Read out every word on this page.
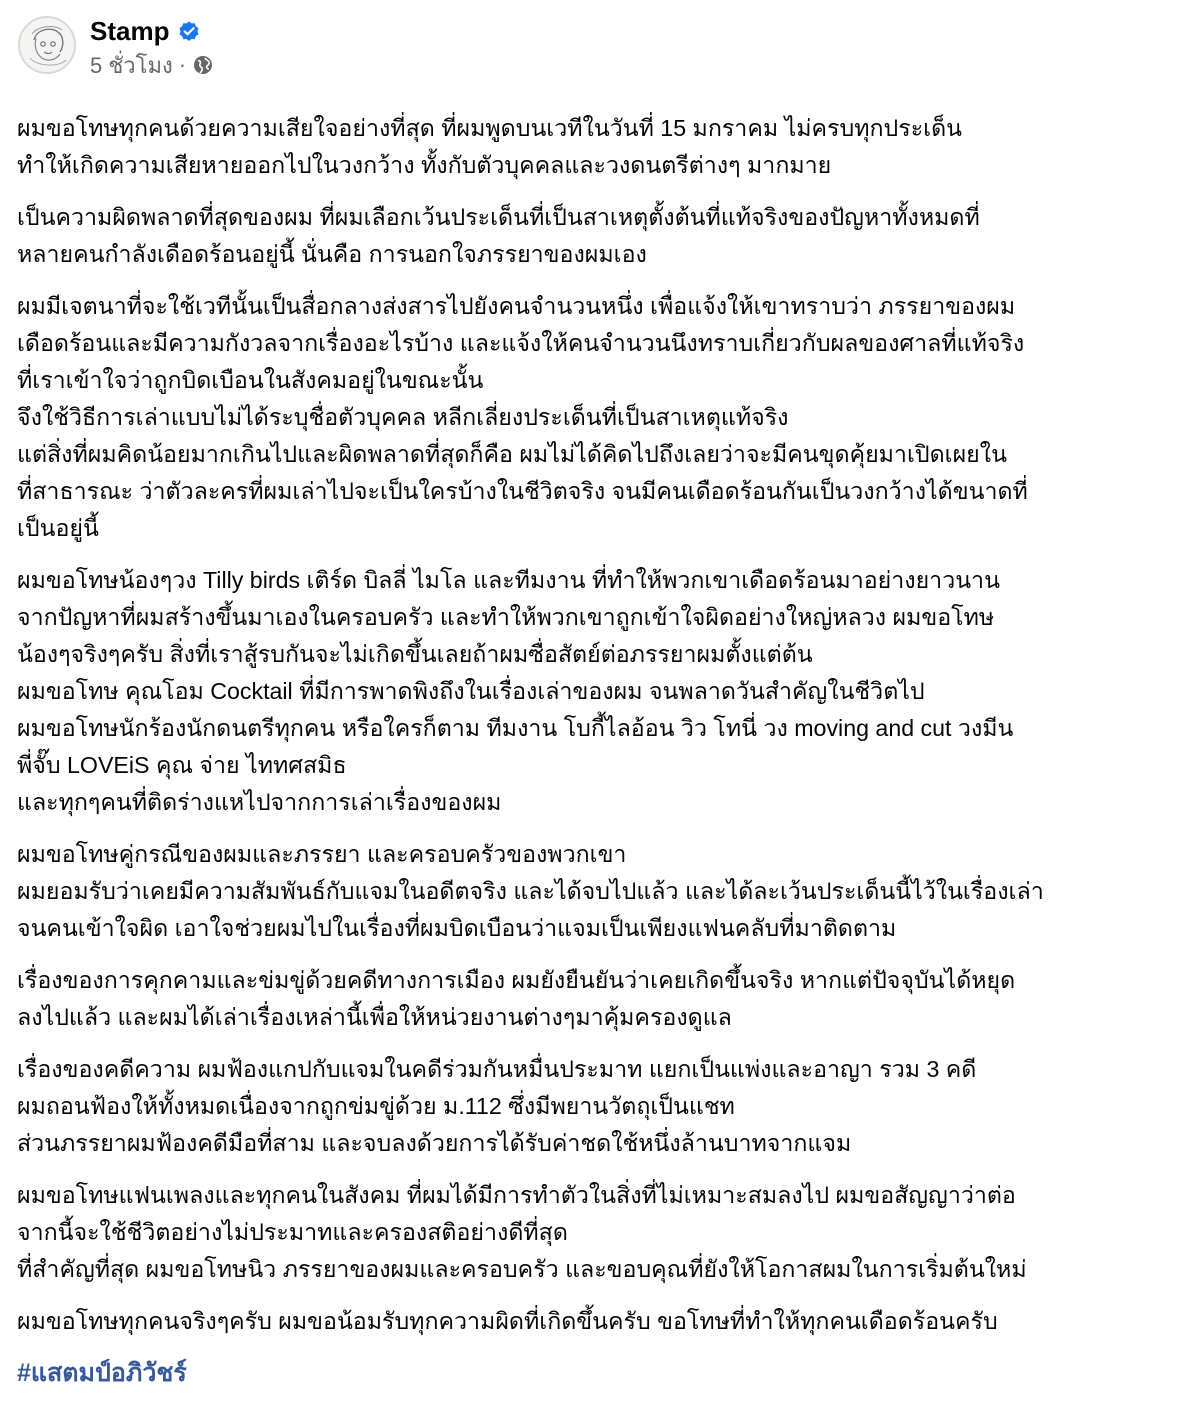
Stamp
5 ชั่วโมง ·
ผมขอโทษทุกคนด้วยความเสียใจอย่างที่สุด ที่ผมพูดบนเวทีในวันที่ 15 มกราคม ไม่ครบทุกประเด็น
ทำให้เกิดความเสียหายออกไปในวงกว้าง ทั้งกับตัวบุคคลและวงดนตรีต่างๆ มากมาย
เป็นความผิดพลาดที่สุดของผม ที่ผมเลือกเว้นประเด็นที่เป็นสาเหตุตั้งต้นที่แท้จริงของปัญหาทั้งหมดที่
หลายคนกำลังเดือดร้อนอยู่นี้ นั่นคือ การนอกใจภรรยาของผมเอง
ผมมีเจตนาที่จะใช้เวทีนั้นเป็นสื่อกลางส่งสารไปยังคนจำนวนหนึ่ง เพื่อแจ้งให้เขาทราบว่า ภรรยาของผม
เดือดร้อนและมีความกังวลจากเรื่องอะไรบ้าง และแจ้งให้คนจำนวนนึงทราบเกี่ยวกับผลของศาลที่แท้จริง
ที่เราเข้าใจว่าถูกบิดเบือนในสังคมอยู่ในขณะนั้น
จึงใช้วิธีการเล่าแบบไม่ได้ระบุชื่อตัวบุคคล หลีกเลี่ยงประเด็นที่เป็นสาเหตุแท้จริง
แต่สิ่งที่ผมคิดน้อยมากเกินไปและผิดพลาดที่สุดก็คือ ผมไม่ได้คิดไปถึงเลยว่าจะมีคนขุดคุ้ยมาเปิดเผยใน
ที่สาธารณะ ว่าตัวละครที่ผมเล่าไปจะเป็นใครบ้างในชีวิตจริง จนมีคนเดือดร้อนกันเป็นวงกว้างได้ขนาดที่
เป็นอยู่นี้
ผมขอโทษน้องๆวง Tilly birds เติร์ด บิลลี่ ไมโล และทีมงาน ที่ทำให้พวกเขาเดือดร้อนมาอย่างยาวนาน
จากปัญหาที่ผมสร้างขึ้นมาเองในครอบครัว และทำให้พวกเขาถูกเข้าใจผิดอย่างใหญ่หลวง ผมขอโทษ
น้องๆจริงๆครับ สิ่งที่เราสู้รบกันจะไม่เกิดขึ้นเลยถ้าผมซื่อสัตย์ต่อภรรยาผมตั้งแต่ต้น
ผมขอโทษ คุณโอม Cocktail ที่มีการพาดพิงถึงในเรื่องเล่าของผม จนพลาดวันสำคัญในชีวิตไป
ผมขอโทษนักร้องนักดนตรีทุกคน หรือใครก็ตาม ทีมงาน โบกี้ไลอ้อน วิว โทนี่ วง moving and cut วงมีน
พี่จั๊บ LOVEiS คุณ จ่าย ไททศสมิธ
และทุกๆคนที่ติดร่างแหไปจากการเล่าเรื่องของผม
ผมขอโทษคู่กรณีของผมและภรรยา และครอบครัวของพวกเขา
ผมยอมรับว่าเคยมีความสัมพันธ์กับแจมในอดีตจริง และได้จบไปแล้ว และได้ละเว้นประเด็นนี้ไว้ในเรื่องเล่า
จนคนเข้าใจผิด เอาใจช่วยผมไปในเรื่องที่ผมบิดเบือนว่าแจมเป็นเพียงแฟนคลับที่มาติดตาม
เรื่องของการคุกคามและข่มขู่ด้วยคดีทางการเมือง ผมยังยืนยันว่าเคยเกิดขึ้นจริง หากแต่ปัจจุบันได้หยุด
ลงไปแล้ว และผมได้เล่าเรื่องเหล่านี้เพื่อให้หน่วยงานต่างๆมาคุ้มครองดูแล
เรื่องของคดีความ ผมฟ้องแกปกับแจมในคดีร่วมกันหมื่นประมาท แยกเป็นแพ่งและอาญา รวม 3 คดี
ผมถอนฟ้องให้ทั้งหมดเนื่องจากถูกข่มขู่ด้วย ม.112 ซึ่งมีพยานวัตถุเป็นแชท
ส่วนภรรยาผมฟ้องคดีมือที่สาม และจบลงด้วยการได้รับค่าชดใช้หนึ่งล้านบาทจากแจม
ผมขอโทษแฟนเพลงและทุกคนในสังคม ที่ผมได้มีการทำตัวในสิ่งที่ไม่เหมาะสมลงไป ผมขอสัญญาว่าต่อ
จากนี้จะใช้ชีวิตอย่างไม่ประมาทและครองสติอย่างดีที่สุด
ที่สำคัญที่สุด ผมขอโทษนิว ภรรยาของผมและครอบครัว และขอบคุณที่ยังให้โอกาสผมในการเริ่มต้นใหม่
ผมขอโทษทุกคนจริงๆครับ ผมขอน้อมรับทุกความผิดที่เกิดขึ้นครับ ขอโทษที่ทำให้ทุกคนเดือดร้อนครับ
#แสตมป์อภิวัชร์
